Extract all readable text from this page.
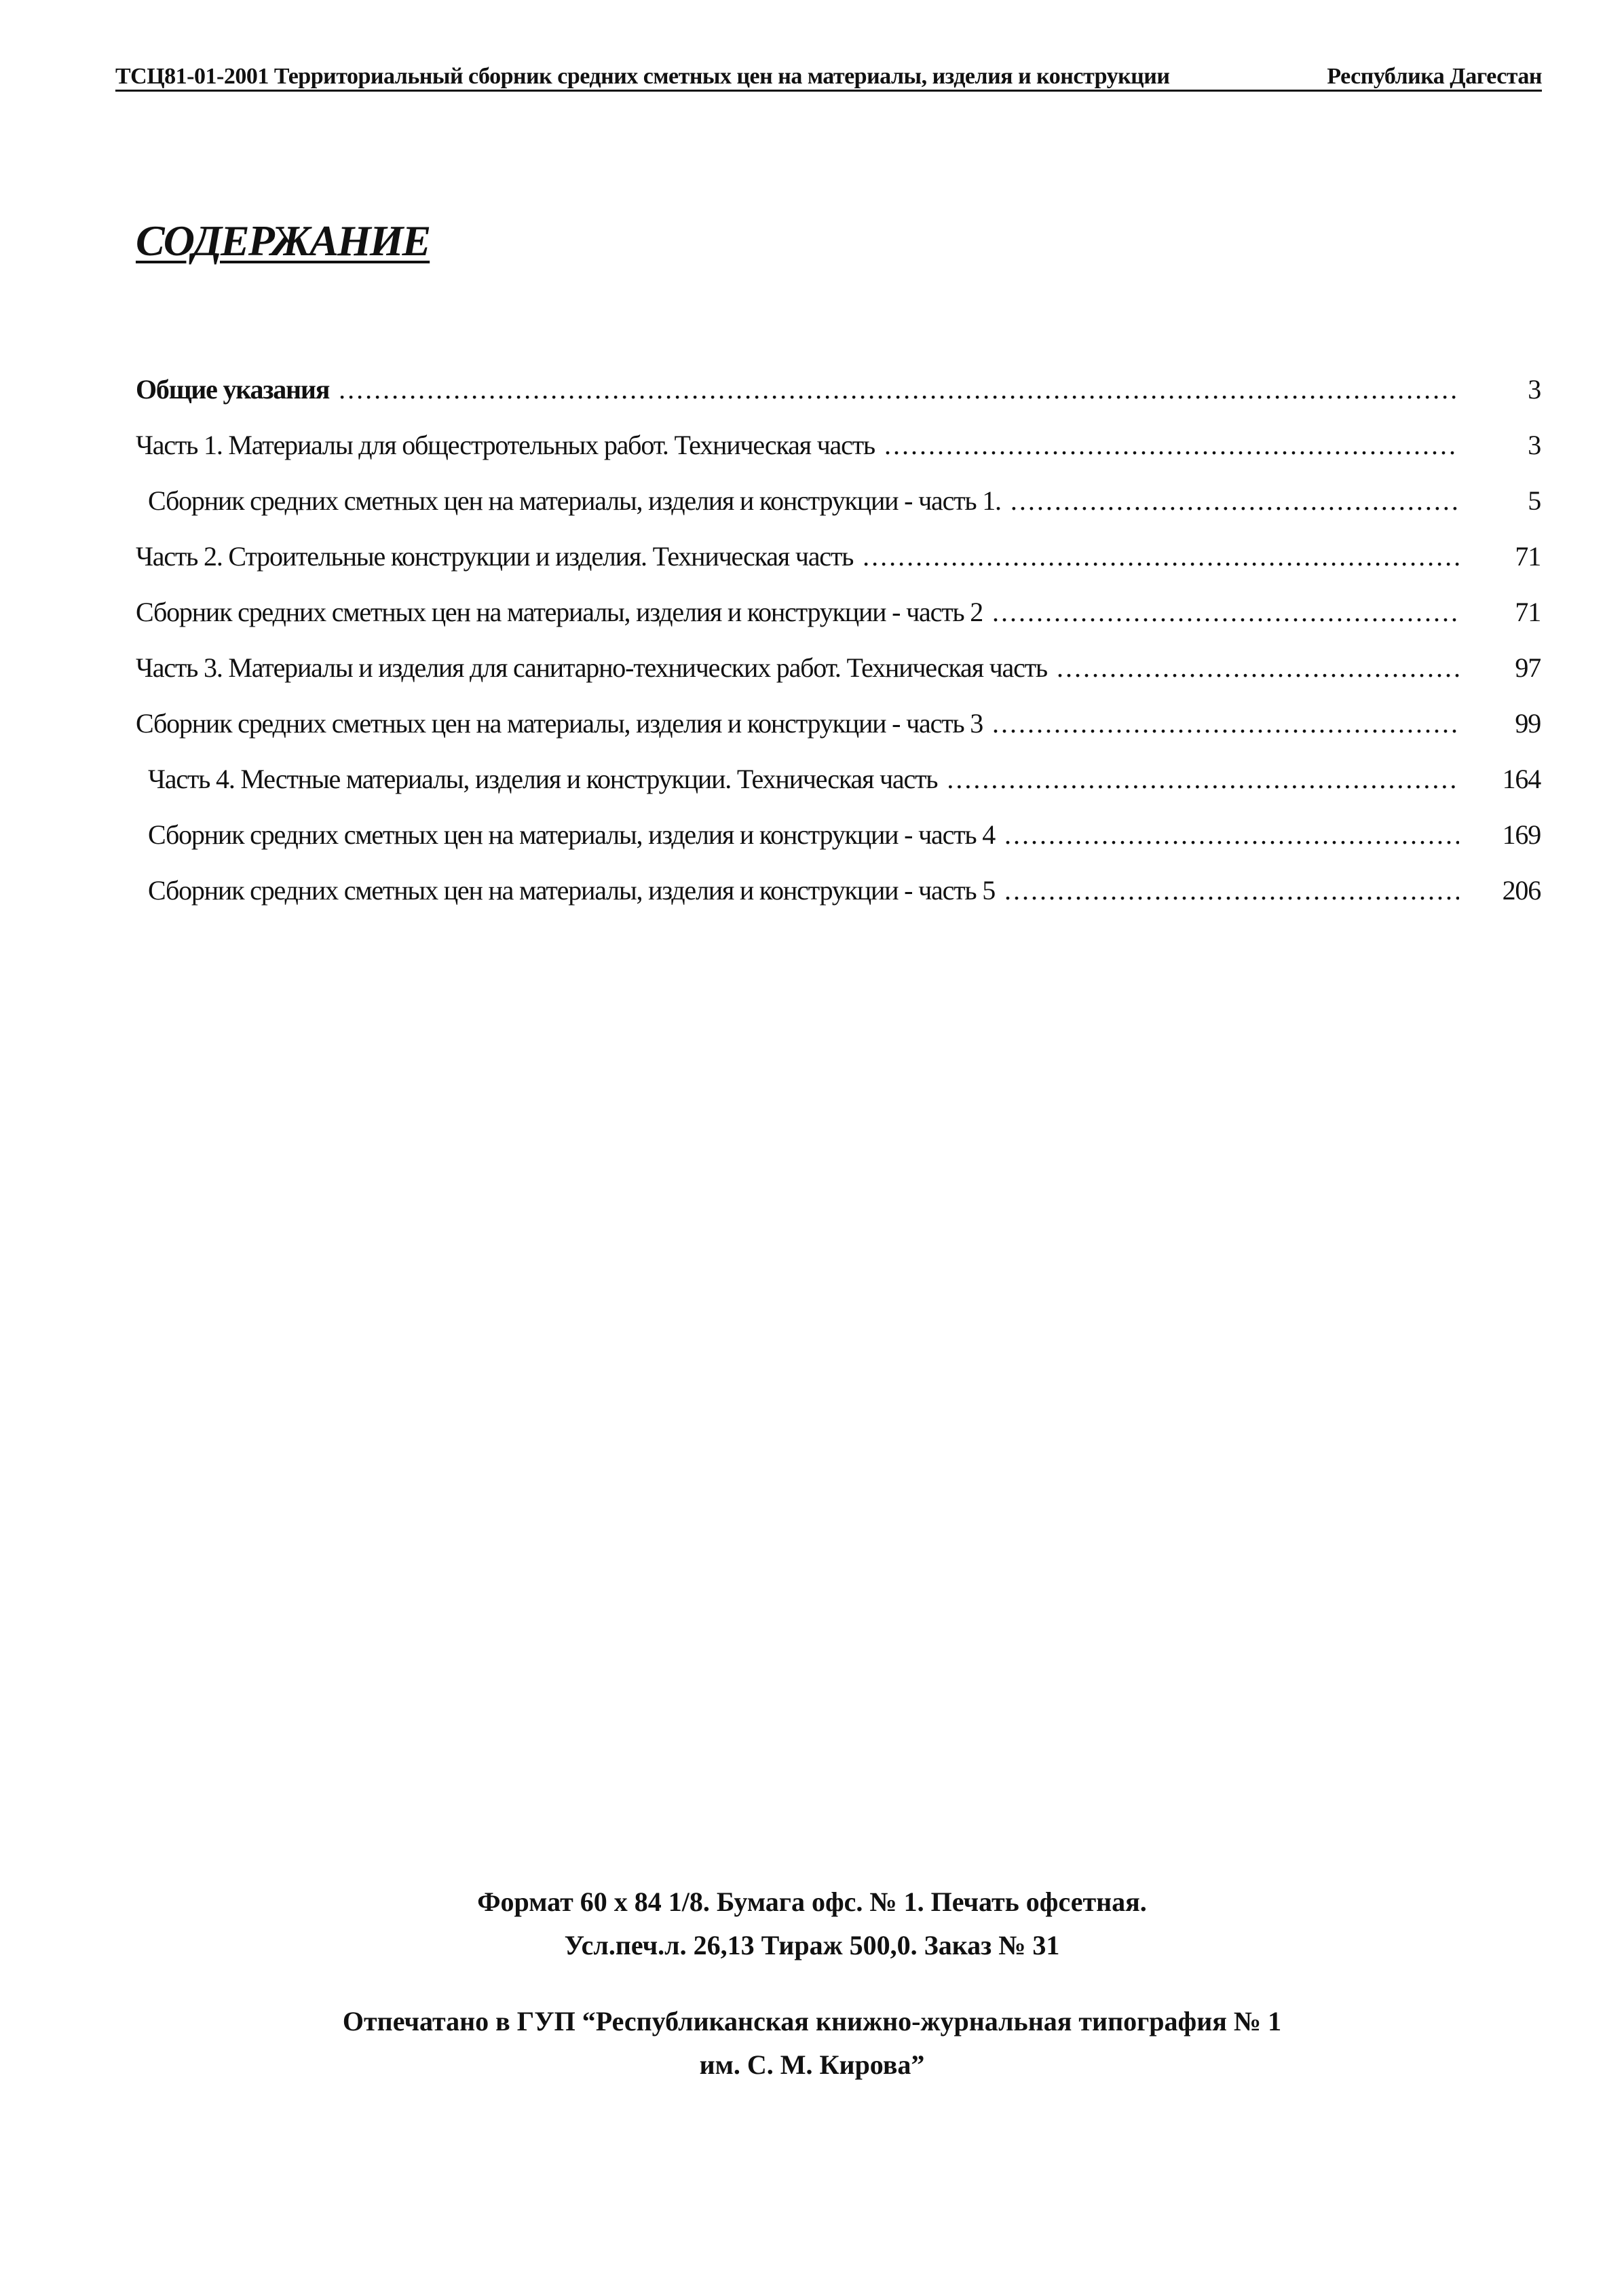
ТСЦ81-01-2001 Территориальный сборник средних сметных цен на материалы, изделия и конструкции	Республика Дагестан
СОДЕРЖАНИЕ
Общие указания .....	3
Часть 1. Материалы для общестротельных работ. Техническая часть .....	3
Сборник средних сметных цен на материалы, изделия и конструкции - часть 1. .....	5
Часть 2. Строительные конструкции и изделия. Техническая часть .....	71
Сборник средних сметных цен на материалы, изделия и конструкции - часть 2 .....	71
Часть 3. Материалы и изделия для санитарно-технических работ. Техническая часть .....	97
Сборник средних сметных цен на материалы, изделия и конструкции - часть 3 .....	99
Часть 4. Местные материалы, изделия и конструкции. Техническая часть .....	164
Сборник средних сметных цен на материалы, изделия и конструкции - часть 4 .....	169
Сборник средних сметных цен на материалы, изделия и конструкции - часть 5 .....	206
Формат 60 х 84 1/8. Бумага офс. № 1. Печать офсетная.
Усл.печ.л. 26,13 Тираж 500,0. Заказ № 31
Отпечатано в ГУП “Республиканская книжно-журнальная типография № 1
им. С. М. Кирова”
